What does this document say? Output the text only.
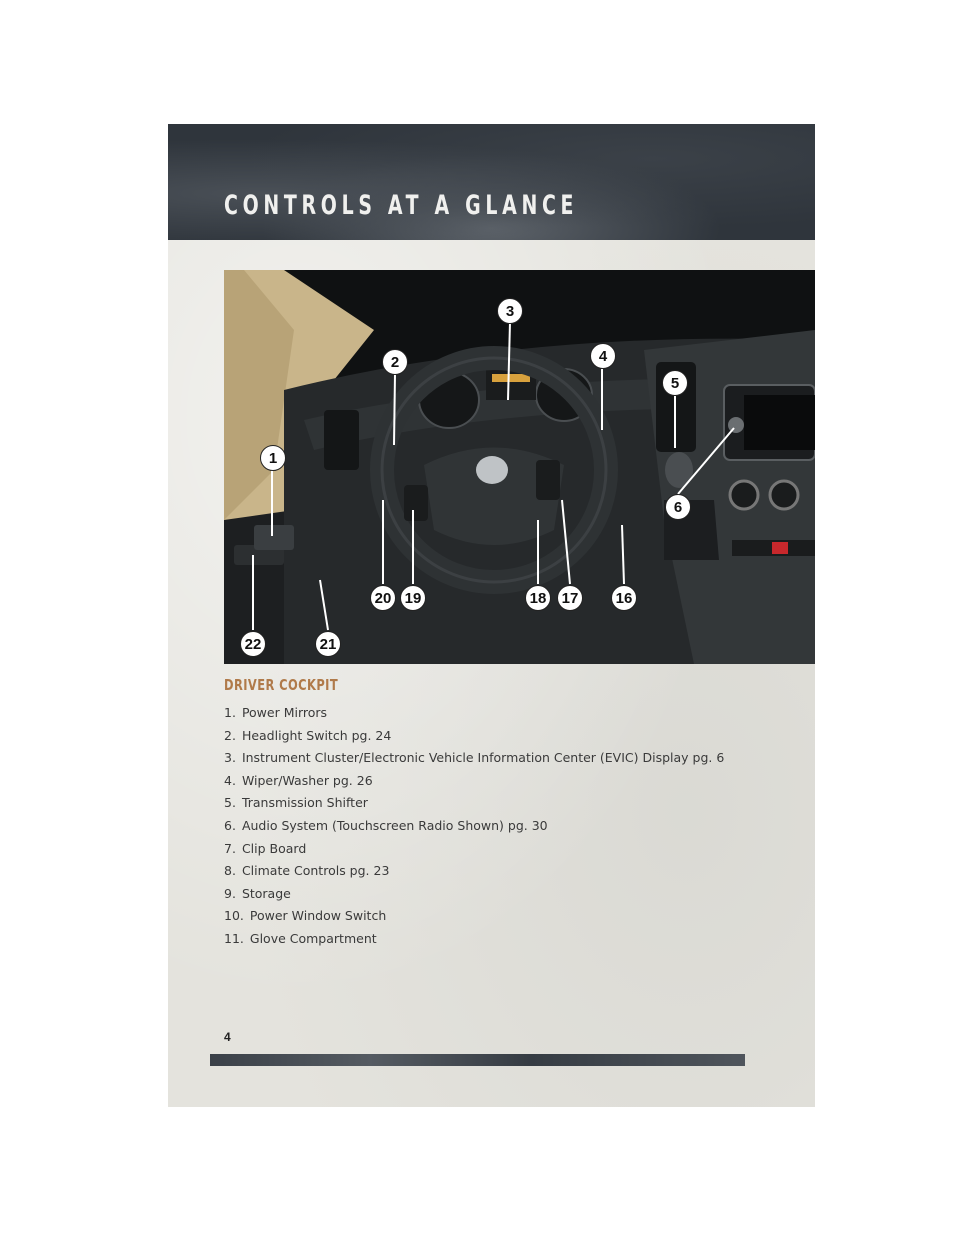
CONTROLS AT A GLANCE
1
2
3
4
5
6
16
17
18
19
20
21
22
DRIVER COCKPIT
1. Power Mirrors
2. Headlight Switch pg. 24
3. Instrument Cluster/Electronic Vehicle Information Center (EVIC) Display pg. 6
4. Wiper/Washer pg. 26
5. Transmission Shifter
6. Audio System (Touchscreen Radio Shown) pg. 30
7. Clip Board
8. Climate Controls pg. 23
9. Storage
10. Power Window Switch
11. Glove Compartment

4
